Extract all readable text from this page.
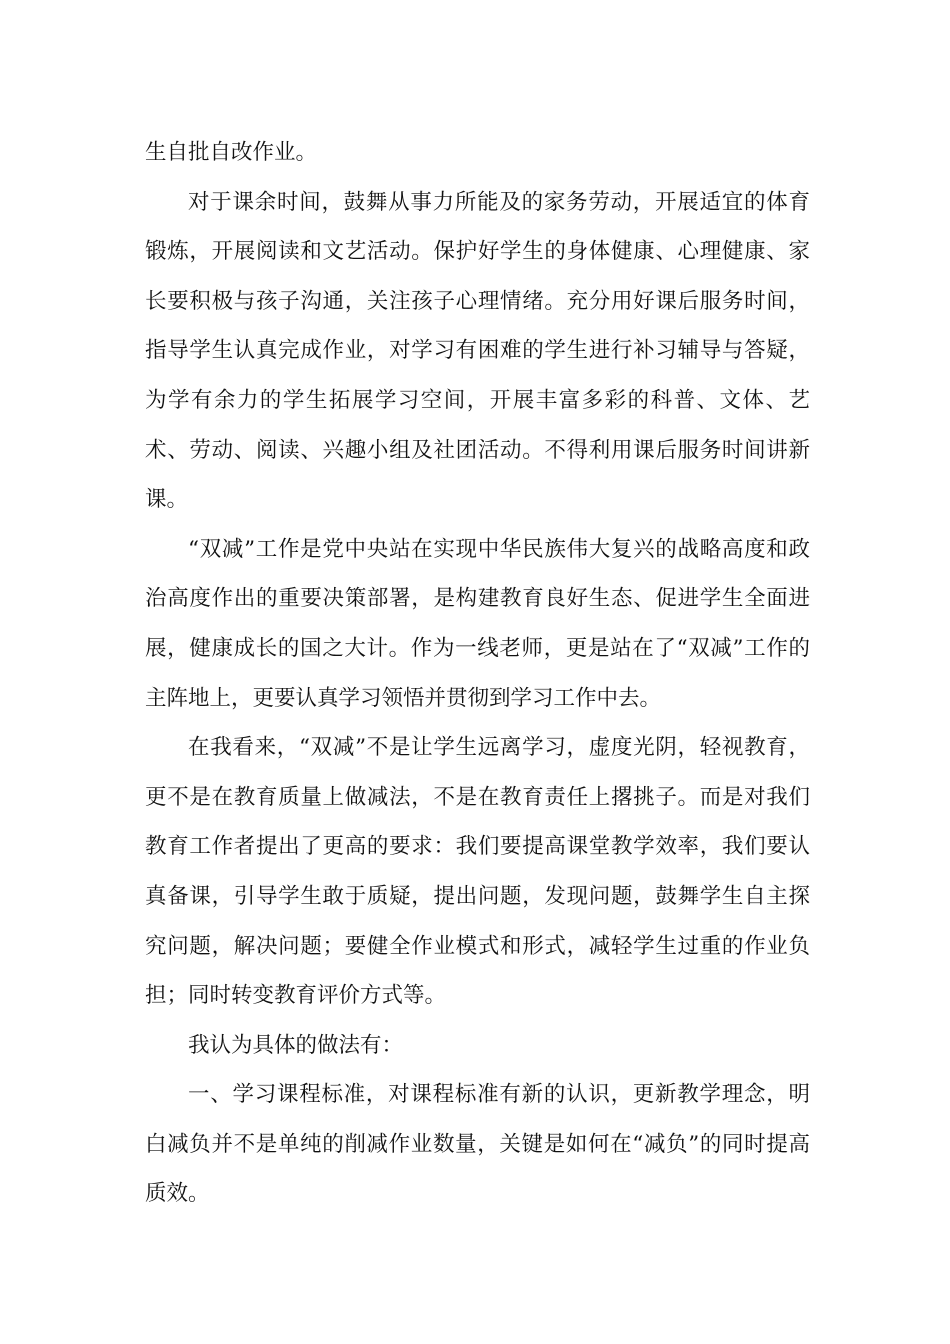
生自批自改作业。

对于课余时间，鼓舞从事力所能及的家务劳动，开展适宜的体育锻炼，开展阅读和文艺活动。保护好学生的身体健康、心理健康、家长要积极与孩子沟通，关注孩子心理情绪。充分用好课后服务时间，指导学生认真完成作业，对学习有困难的学生进行补习辅导与答疑，为学有余力的学生拓展学习空间，开展丰富多彩的科普、文体、艺术、劳动、阅读、兴趣小组及社团活动。不得利用课后服务时间讲新课。

“双减”工作是党中央站在实现中华民族伟大复兴的战略高度和政治高度作出的重要决策部署，是构建教育良好生态、促进学生全面进展，健康成长的国之大计。作为一线老师，更是站在了“双减”工作的主阵地上，更要认真学习领悟并贯彻到学习工作中去。

在我看来，“双减”不是让学生远离学习，虚度光阴，轻视教育，更不是在教育质量上做减法，不是在教育责任上撂挑子。而是对我们教育工作者提出了更高的要求：我们要提高课堂教学效率，我们要认真备课，引导学生敢于质疑，提出问题，发现问题，鼓舞学生自主探究问题，解决问题；要健全作业模式和形式，减轻学生过重的作业负担；同时转变教育评价方式等。

我认为具体的做法有：

一、学习课程标准，对课程标准有新的认识，更新教学理念，明白减负并不是单纯的削减作业数量，关键是如何在“减负”的同时提高质效。
